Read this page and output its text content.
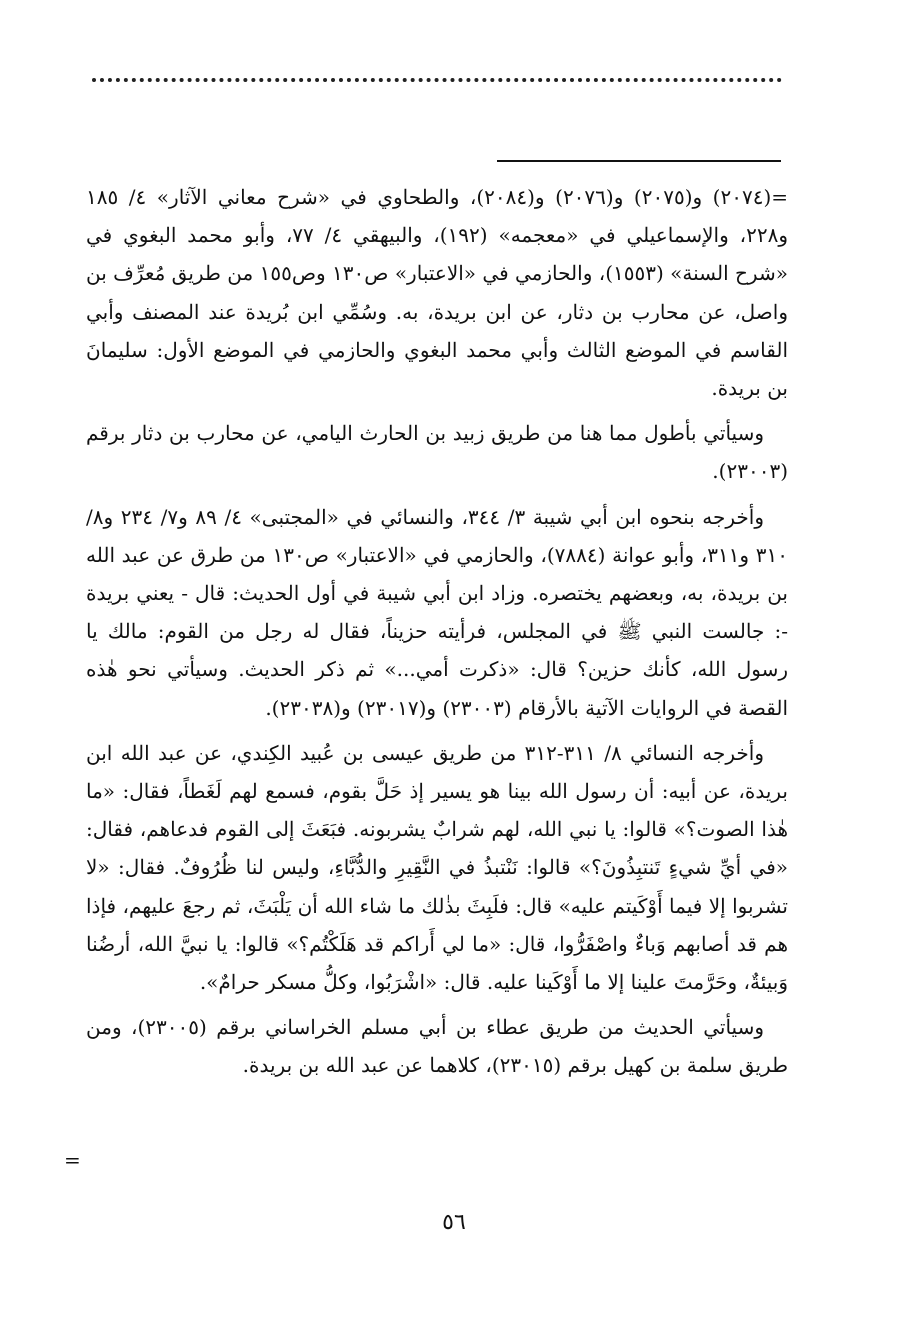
=(٢٠٧٤) و(٢٠٧٥) و(٢٠٧٦) و(٢٠٨٤)، والطحاوي في «شرح معاني الآثار» ٤/ ١٨٥ و٢٢٨، والإسماعيلي في «معجمه» (١٩٢)، والبيهقي ٤/ ٧٧، وأبو محمد البغوي في «شرح السنة» (١٥٥٣)، والحازمي في «الاعتبار» ص١٣٠ وص١٥٥ من طريق مُعرِّف بن واصل، عن محارب بن دثار، عن ابن بريدة، به. وسُمِّي ابن بُريدة عند المصنف وأبي القاسم في الموضع الثالث وأبي محمد البغوي والحازمي في الموضع الأول: سليمانَ بن بريدة.

وسيأتي بأطول مما هنا من طريق زبيد بن الحارث اليامي، عن محارب بن دثار برقم (٢٣٠٠٣).

وأخرجه بنحوه ابن أبي شيبة ٣/ ٣٤٤، والنسائي في «المجتبى» ٤/ ٨٩ و٧/ ٢٣٤ و٨/ ٣١٠ و٣١١، وأبو عوانة (٧٨٨٤)، والحازمي في «الاعتبار» ص١٣٠ من طرق عن عبد الله بن بريدة، به، وبعضهم يختصره. وزاد ابن أبي شيبة في أول الحديث: قال - يعني بريدة -: جالست النبي ﷺ في المجلس، فرأيته حزيناً، فقال له رجل من القوم: مالك يا رسول الله، كأنك حزين؟ قال: «ذكرت أمي...» ثم ذكر الحديث. وسيأتي نحو هٰذه القصة في الروايات الآتية بالأرقام (٢٣٠٠٣) و(٢٣٠١٧) و(٢٣٠٣٨).

وأخرجه النسائي ٨/ ٣١١-٣١٢ من طريق عيسى بن عُبيد الكِندي، عن عبد الله ابن بريدة، عن أبيه: أن رسول الله بينا هو يسير إذ حَلَّ بقوم، فسمع لهم لَغَطاً، فقال: «ما هٰذا الصوت؟» قالوا: يا نبي الله، لهم شرابٌ يشربونه. فبَعَثَ إلى القوم فدعاهم، فقال: «في أيِّ شيءٍ تَنتبِذُونَ؟» قالوا: نَنْتبذُ في النَّقِيرِ والدُّبَّاءِ، وليس لنا ظُرُوفٌ. فقال: «لا تشربوا إلا فيما أَوْكَيتم عليه» قال: فلَبِثَ بذٰلك ما شاء الله أن يَلْبَثَ، ثم رجعَ عليهم، فإذا هم قد أصابهم وَباءٌ واصْفَرُّوا، قال: «ما لي أَراكم قد هَلَكْتُم؟» قالوا: يا نبيَّ الله، أرضُنا وَبيئةٌ، وحَرَّمتَ علينا إلا ما أَوْكَينا عليه. قال: «اشْرَبُوا، وكلُّ مسكر حرامٌ».

وسيأتي الحديث من طريق عطاء بن أبي مسلم الخراساني برقم (٢٣٠٠٥)، ومن طريق سلمة بن كهيل برقم (٢٣٠١٥)، كلاهما عن عبد الله بن بريدة.

=
٥٦
